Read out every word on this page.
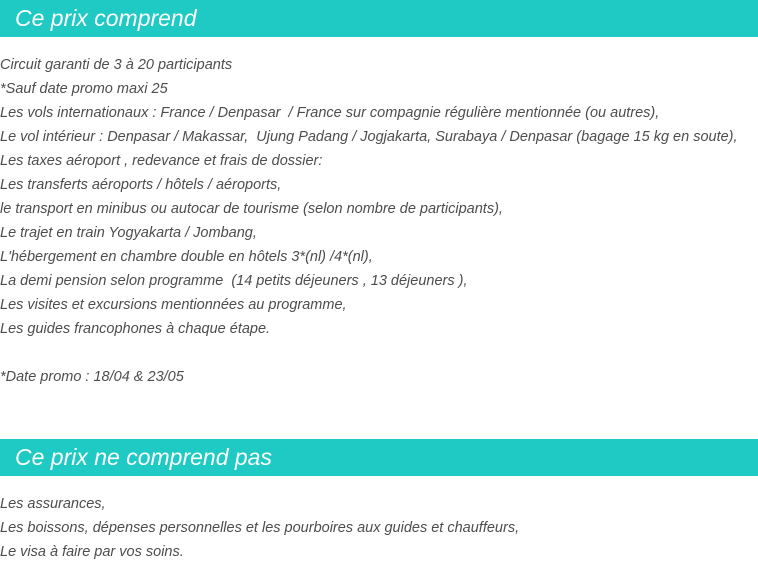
Ce prix comprend
Circuit garanti de 3 à 20 participants
*Sauf date promo maxi 25
Les vols internationaux : France / Denpasar  / France sur compagnie régulière mentionnée (ou autres),
Le vol intérieur : Denpasar / Makassar,  Ujung Padang / Jogjakarta, Surabaya / Denpasar (bagage 15 kg en soute),
Les taxes aéroport , redevance et frais de dossier:
Les transferts aéroports / hôtels / aéroports,
le transport en minibus ou autocar de tourisme (selon nombre de participants),
Le trajet en train Yogyakarta / Jombang,
L'hébergement en chambre double en hôtels 3*(nl) /4*(nl),
La demi pension selon programme  (14 petits déjeuners , 13 déjeuners ),
Les visites et excursions mentionnées au programme,
Les guides francophones à chaque étape.
*Date promo : 18/04 & 23/05
Ce prix ne comprend pas
Les assurances,
Les boissons, dépenses personnelles et les pourboires aux guides et chauffeurs,
Le visa à faire par vos soins.
